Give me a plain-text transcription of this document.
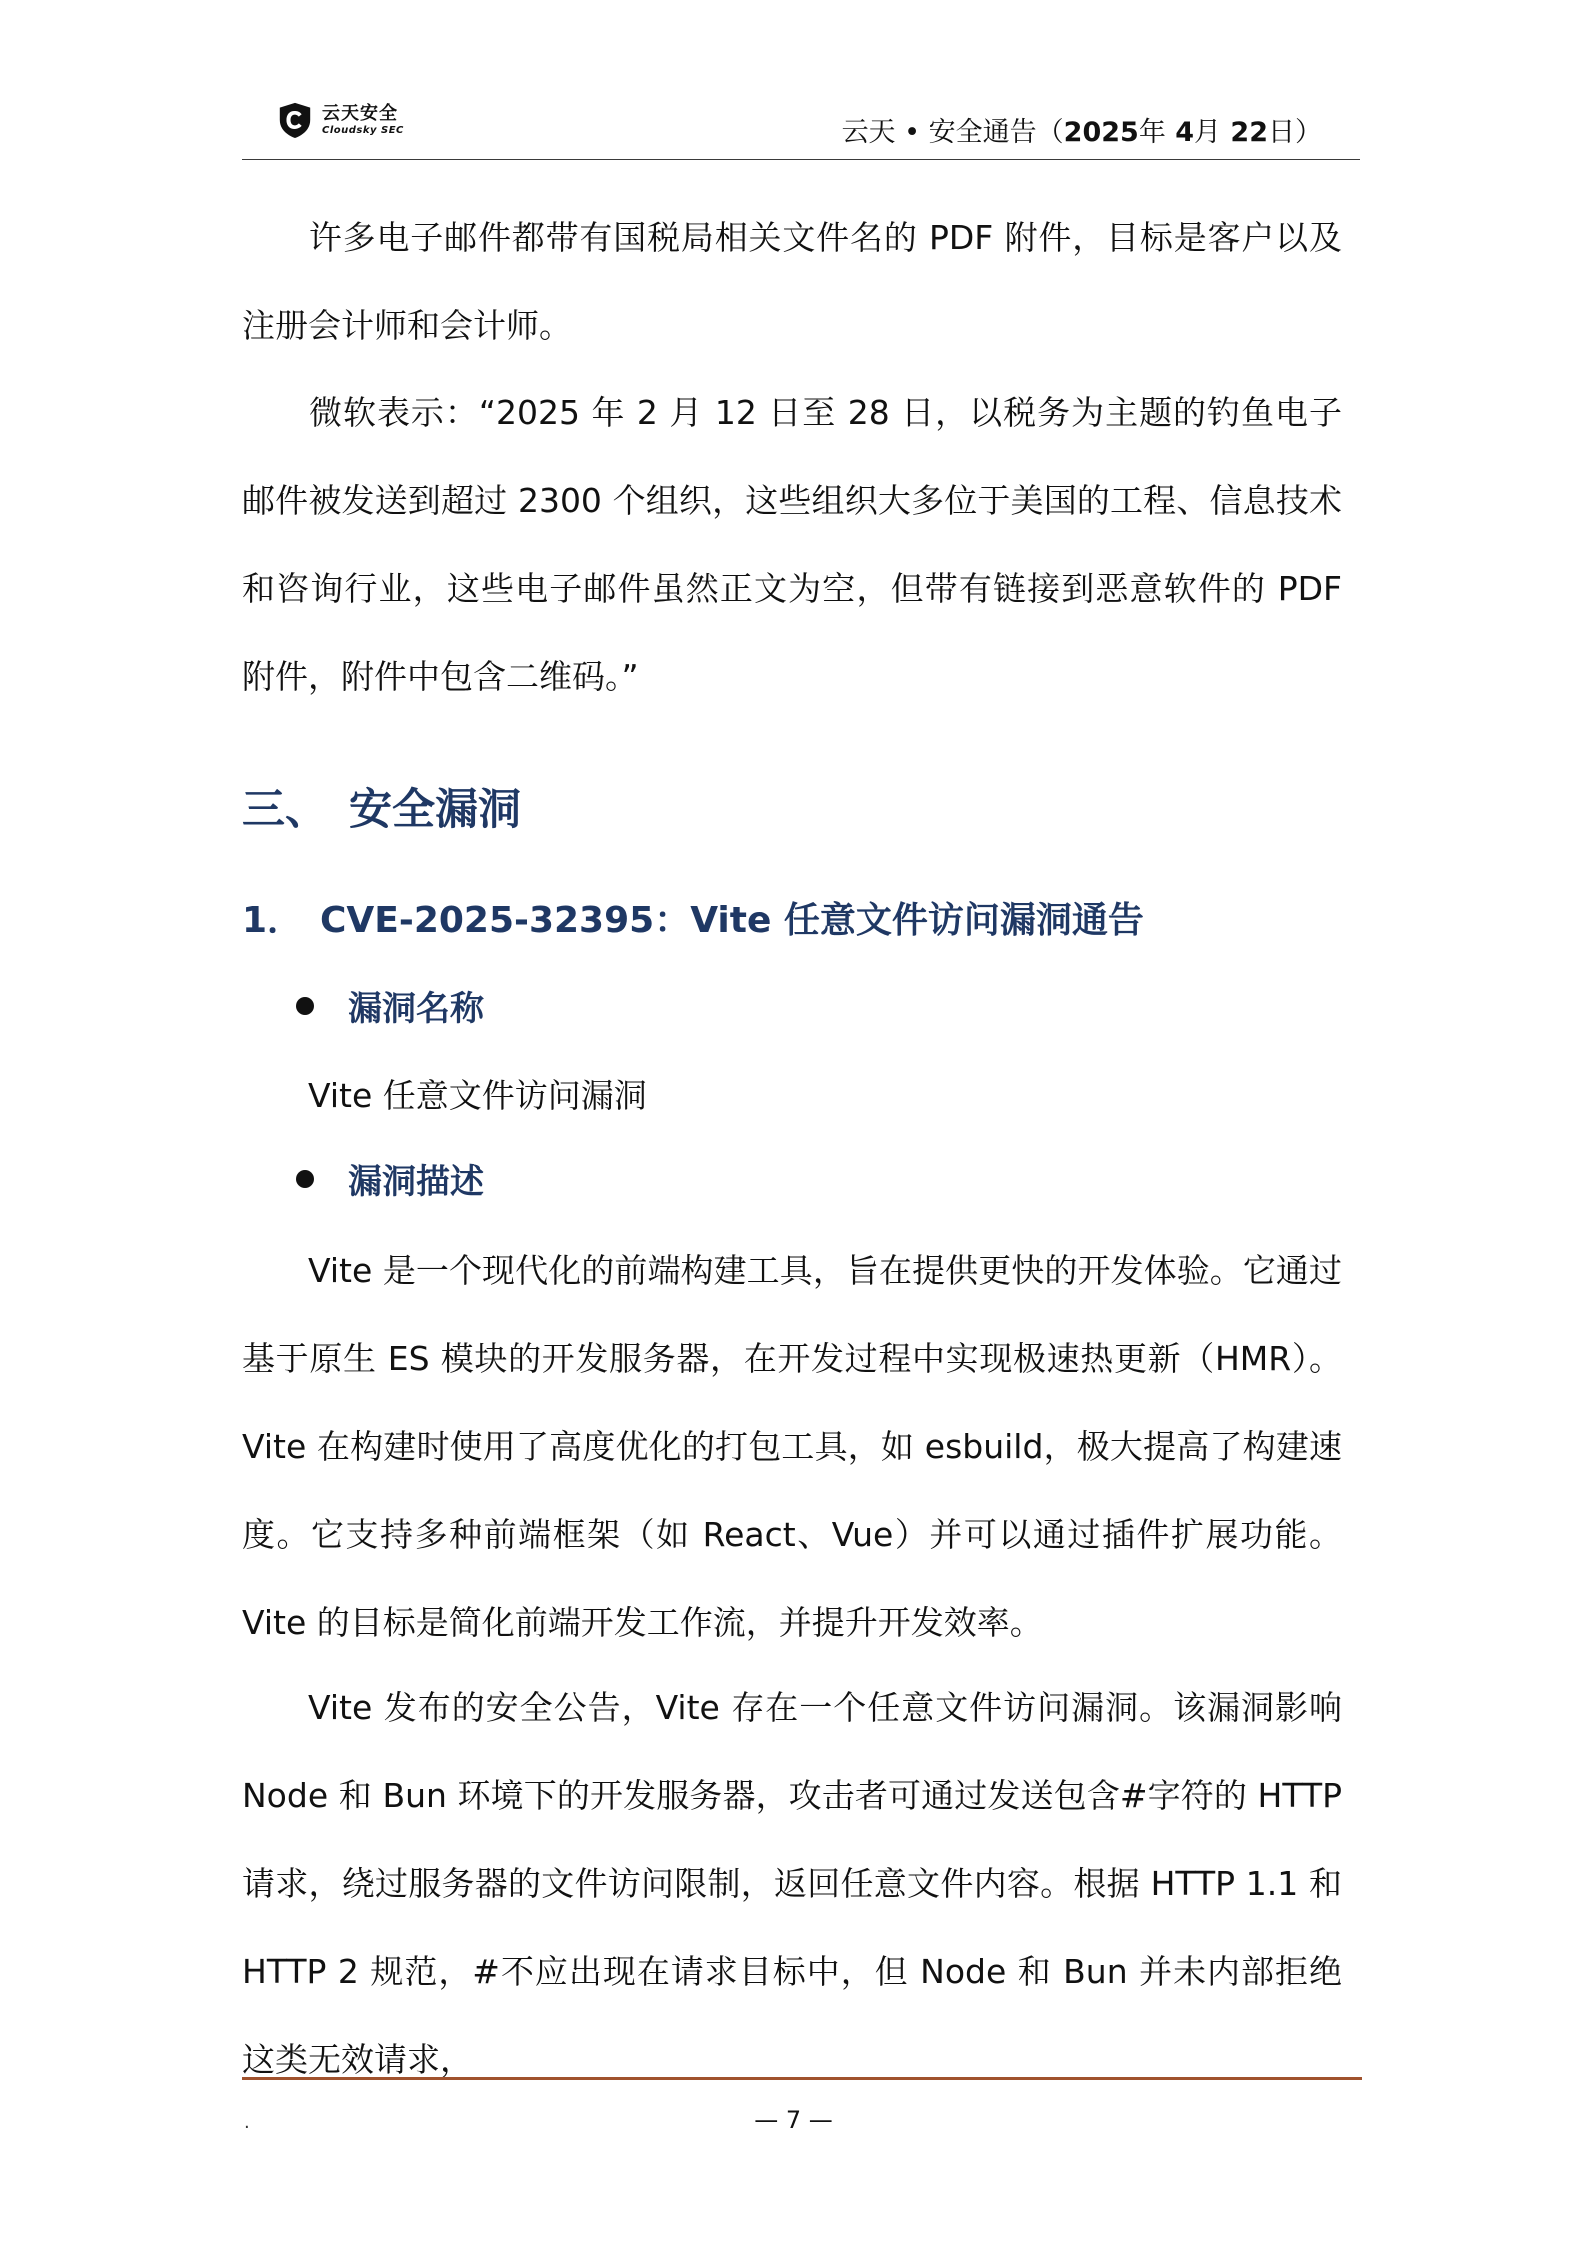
云天安全
Cloudsky SEC	云天 • 安全通告（2025年 4月 22日）

许多电子邮件都带有国税局相关文件名的 PDF 附件，目标是客户以及注册会计师和会计师。

微软表示：“2025 年 2 月 12 日至 28 日，以税务为主题的钓鱼电子邮件被发送到超过 2300 个组织，这些组织大多位于美国的工程、信息技术和咨询行业，这些电子邮件虽然正文为空，但带有链接到恶意软件的 PDF 附件，附件中包含二维码。”

三、 安全漏洞
1． CVE-2025-32395：Vite 任意文件访问漏洞通告
漏洞名称

Vite 任意文件访问漏洞

漏洞描述

Vite 是一个现代化的前端构建工具，旨在提供更快的开发体验。它通过基于原生 ES 模块的开发服务器，在开发过程中实现极速热更新（HMR）。Vite 在构建时使用了高度优化的打包工具，如 esbuild，极大提高了构建速度。它支持多种前端框架（如 React、Vue）并可以通过插件扩展功能。Vite 的目标是简化前端开发工作流，并提升开发效率。

Vite 发布的安全公告，Vite 存在一个任意文件访问漏洞。该漏洞影响 Node 和 Bun 环境下的开发服务器，攻击者可通过发送包含#字符的 HTTP 请求，绕过服务器的文件访问限制，返回任意文件内容。根据 HTTP 1.1 和 HTTP 2 规范，#不应出现在请求目标中，但 Node 和 Bun 并未内部拒绝这类无效请求，

.	— 7 —
